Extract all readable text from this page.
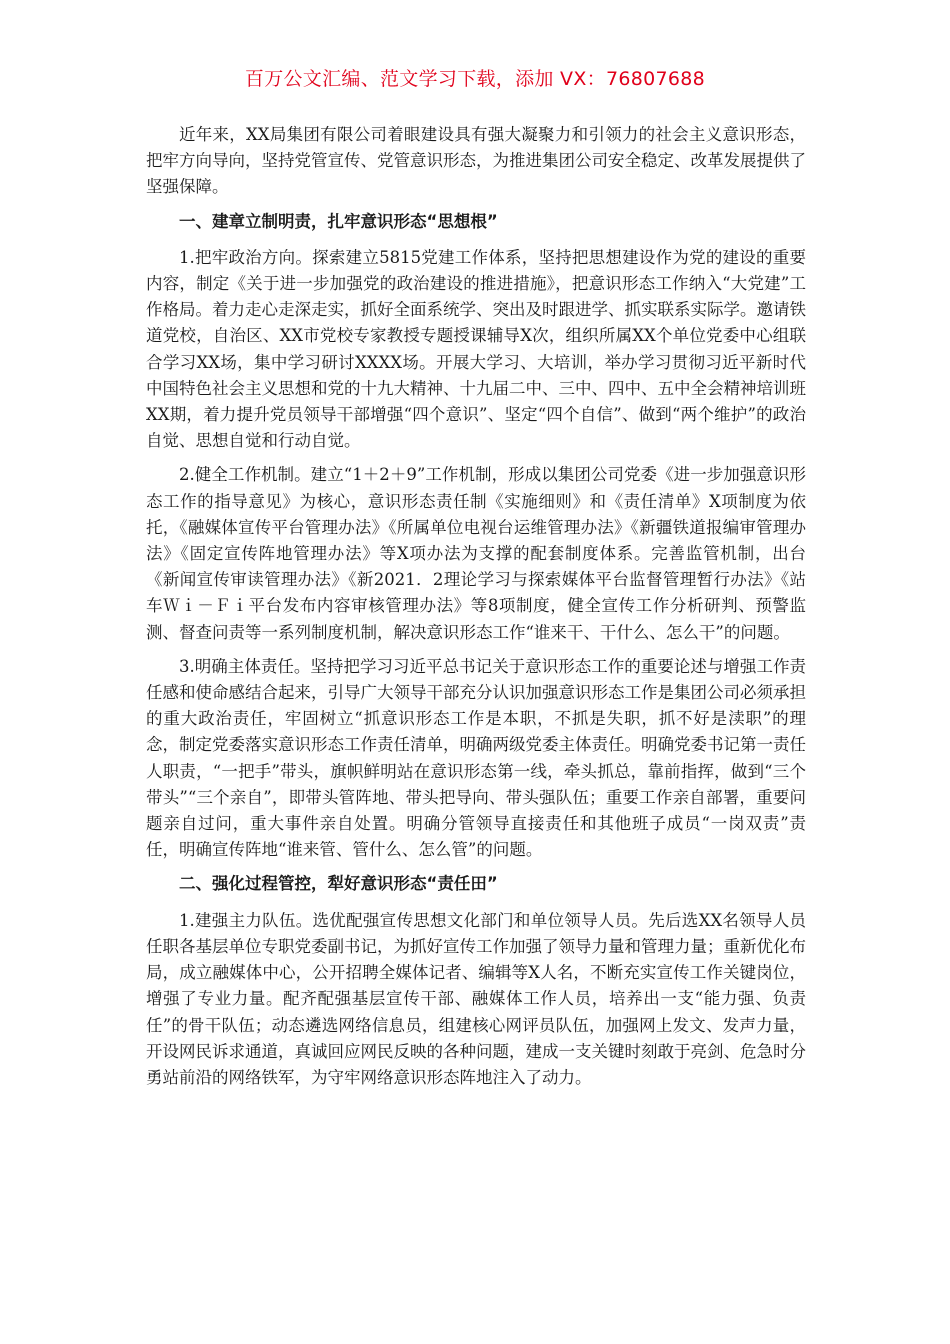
百万公文汇编、范文学习下载，添加 VX：76807688

近年来，XX局集团有限公司着眼建设具有强大凝聚力和引领力的社会主义意识形态，把牢方向导向，坚持党管宣传、党管意识形态，为推进集团公司安全稳定、改革发展提供了坚强保障。

一、建章立制明责，扎牢意识形态“思想根”

1.把牢政治方向。探索建立5815党建工作体系，坚持把思想建设作为党的建设的重要内容，制定《关于进一步加强党的政治建设的推进措施》，把意识形态工作纳入“大党建”工作格局。着力走心走深走实，抓好全面系统学、突出及时跟进学、抓实联系实际学。邀请铁道党校，自治区、XX市党校专家教授专题授课辅导X次，组织所属XX个单位党委中心组联合学习XX场，集中学习研讨XXXX场。开展大学习、大培训，举办学习贯彻习近平新时代中国特色社会主义思想和党的十九大精神、十九届二中、三中、四中、五中全会精神培训班XX期，着力提升党员领导干部增强“四个意识”、坚定“四个自信”、做到“两个维护”的政治自觉、思想自觉和行动自觉。

2.健全工作机制。建立“1＋2＋9”工作机制，形成以集团公司党委《进一步加强意识形态工作的指导意见》为核心，意识形态责任制《实施细则》和《责任清单》X项制度为依托，《融媒体宣传平台管理办法》《所属单位电视台运维管理办法》《新疆铁道报编审管理办法》《固定宣传阵地管理办法》等X项办法为支撑的配套制度体系。完善监管机制，出台《新闻宣传审读管理办法》《新2021．2理论学习与探索媒体平台监督管理暂行办法》《站车Ｗｉ－Ｆｉ平台发布内容审核管理办法》等8项制度，健全宣传工作分析研判、预警监测、督查问责等一系列制度机制，解决意识形态工作“谁来干、干什么、怎么干”的问题。

3.明确主体责任。坚持把学习习近平总书记关于意识形态工作的重要论述与增强工作责任感和使命感结合起来，引导广大领导干部充分认识加强意识形态工作是集团公司必须承担的重大政治责任，牢固树立“抓意识形态工作是本职，不抓是失职，抓不好是渎职”的理念，制定党委落实意识形态工作责任清单，明确两级党委主体责任。明确党委书记第一责任人职责，“一把手”带头，旗帜鲜明站在意识形态第一线，牵头抓总，靠前指挥，做到“三个带头”“三个亲自”，即带头管阵地、带头把导向、带头强队伍；重要工作亲自部署，重要问题亲自过问，重大事件亲自处置。明确分管领导直接责任和其他班子成员“一岗双责”责任，明确宣传阵地“谁来管、管什么、怎么管”的问题。

二、强化过程管控，犁好意识形态“责任田”

1.建强主力队伍。选优配强宣传思想文化部门和单位领导人员。先后选XX名领导人员任职各基层单位专职党委副书记，为抓好宣传工作加强了领导力量和管理力量；重新优化布局，成立融媒体中心，公开招聘全媒体记者、编辑等X人名，不断充实宣传工作关键岗位，增强了专业力量。配齐配强基层宣传干部、融媒体工作人员，培养出一支“能力强、负责任”的骨干队伍；动态遴选网络信息员，组建核心网评员队伍，加强网上发文、发声力量，开设网民诉求通道，真诚回应网民反映的各种问题，建成一支关键时刻敢于亮剑、危急时分勇站前沿的网络铁军，为守牢网络意识形态阵地注入了动力。
